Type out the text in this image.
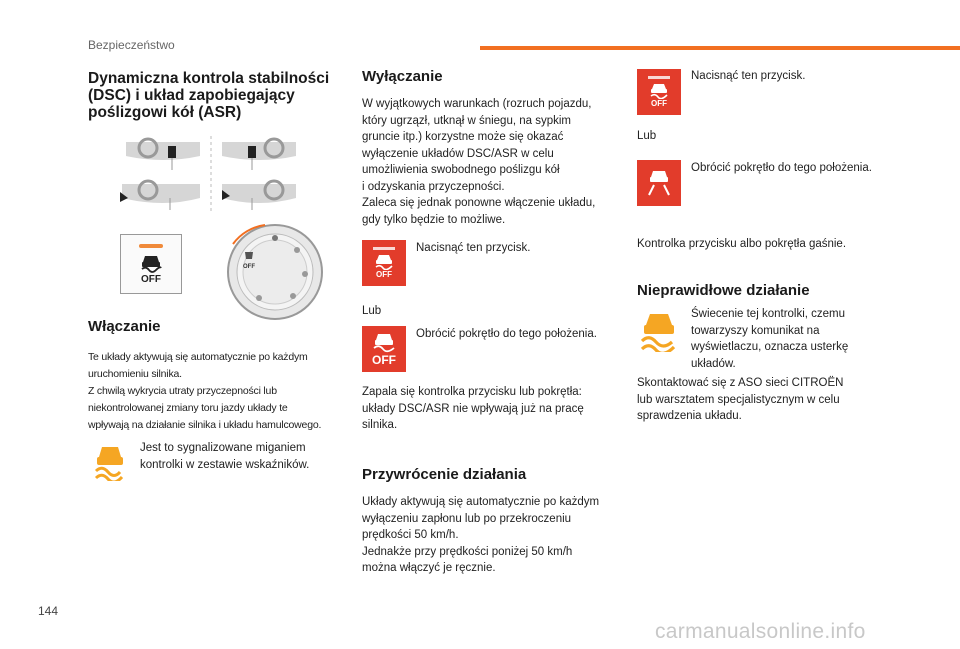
Bezpieczeństwo
Dynamiczna kontrola stabilności
(DSC) i układ zapobiegający
poślizgowi kół (ASR)
OFF
OFF
Włączanie
Te układy aktywują się automatycznie po każdym
uruchomieniu silnika.
Z chwilą wykrycia utraty przyczepności lub
niekontrolowanej zmiany toru jazdy układy te
wpływają na działanie silnika i układu hamulcowego.
Jest to sygnalizowane miganiem
kontrolki w zestawie wskaźników.
Wyłączanie
W wyjątkowych warunkach (rozruch pojazdu,
który ugrzązł, utknął w śniegu, na sypkim
gruncie itp.) korzystne może się okazać
wyłączenie układów DSC/ASR w celu
umożliwienia swobodnego poślizgu kół
i odzyskania przyczepności.
Zaleca się jednak ponowne włączenie układu,
gdy tylko będzie to możliwe.
OFF
Nacisnąć ten przycisk.
Lub
OFF
Obrócić pokrętło do tego położenia.
Zapala się kontrolka przycisku lub pokrętła:
układy DSC/ASR nie wpływają już na pracę
silnika.
Przywrócenie działania
Układy aktywują się automatycznie po każdym
wyłączeniu zapłonu lub po przekroczeniu
prędkości 50 km/h.
Jednakże przy prędkości poniżej 50 km/h
można włączyć je ręcznie.
OFF
Nacisnąć ten przycisk.
Lub
Obrócić pokrętło do tego położenia.
Kontrolka przycisku albo pokrętła gaśnie.
Nieprawidłowe działanie
Świecenie tej kontrolki, czemu
towarzyszy komunikat na
wyświetlaczu, oznacza usterkę
układów.
Skontaktować się z ASO sieci CITROËN
lub warsztatem specjalistycznym w celu
sprawdzenia układu.
144
carmanualsonline.info
